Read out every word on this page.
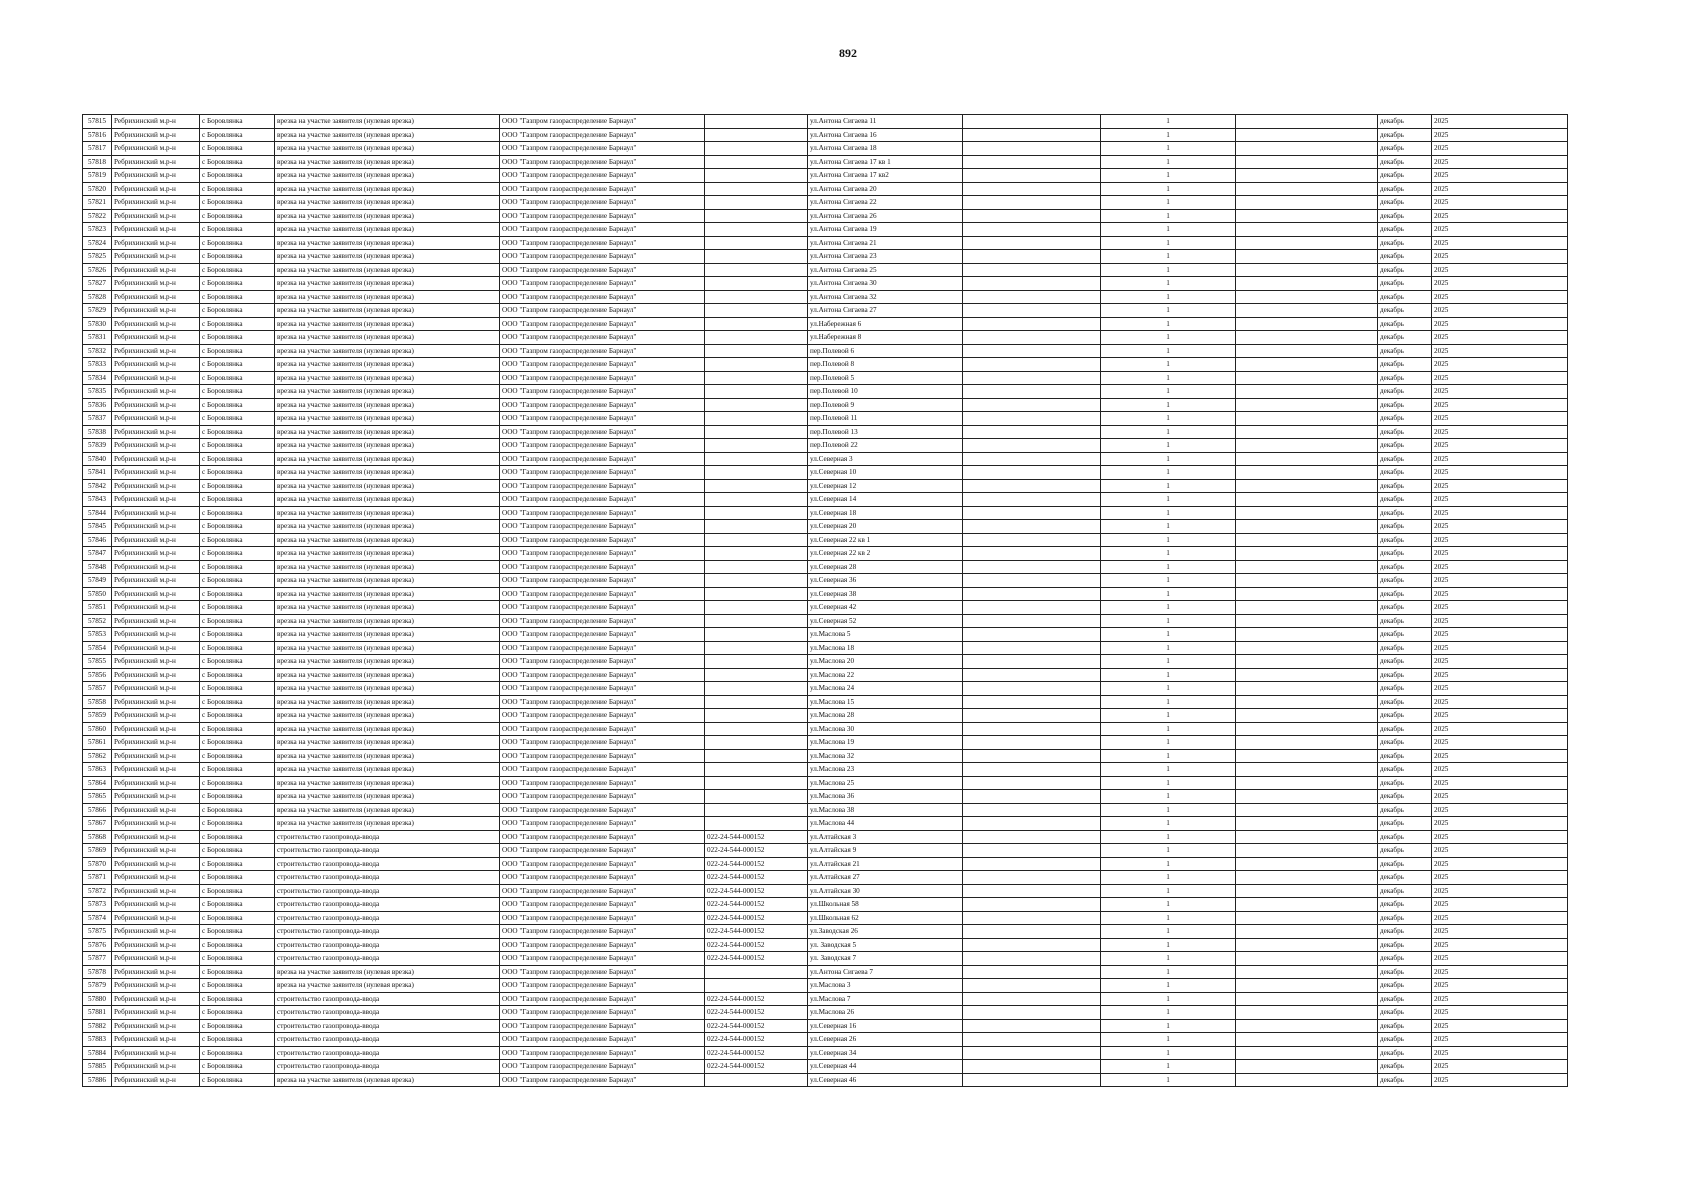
892
57815	Ребрихинский м.р-н	с Боровлянка	врезка на участке заявителя (нулевая врезка)	ООО "Газпром газораспределение Барнаул"		ул.Антона Сигаева 11		1		декабрь	2025
57816	Ребрихинский м.р-н	с Боровлянка	врезка на участке заявителя (нулевая врезка)	ООО "Газпром газораспределение Барнаул"		ул.Антона Сигаева 16		1		декабрь	2025
57817	Ребрихинский м.р-н	с Боровлянка	врезка на участке заявителя (нулевая врезка)	ООО "Газпром газораспределение Барнаул"		ул.Антона Сигаева 18		1		декабрь	2025
57818	Ребрихинский м.р-н	с Боровлянка	врезка на участке заявителя (нулевая врезка)	ООО "Газпром газораспределение Барнаул"		ул.Антона Сигаева 17 кв 1		1		декабрь	2025
57819	Ребрихинский м.р-н	с Боровлянка	врезка на участке заявителя (нулевая врезка)	ООО "Газпром газораспределение Барнаул"		ул.Антона Сигаева 17 кв2		1		декабрь	2025
57820	Ребрихинский м.р-н	с Боровлянка	врезка на участке заявителя (нулевая врезка)	ООО "Газпром газораспределение Барнаул"		ул.Антона Сигаева 20		1		декабрь	2025
57821	Ребрихинский м.р-н	с Боровлянка	врезка на участке заявителя (нулевая врезка)	ООО "Газпром газораспределение Барнаул"		ул.Антона Сигаева 22		1		декабрь	2025
57822	Ребрихинский м.р-н	с Боровлянка	врезка на участке заявителя (нулевая врезка)	ООО "Газпром газораспределение Барнаул"		ул.Антона Сигаева 26		1		декабрь	2025
57823	Ребрихинский м.р-н	с Боровлянка	врезка на участке заявителя (нулевая врезка)	ООО "Газпром газораспределение Барнаул"		ул.Антона Сигаева 19		1		декабрь	2025
57824	Ребрихинский м.р-н	с Боровлянка	врезка на участке заявителя (нулевая врезка)	ООО "Газпром газораспределение Барнаул"		ул.Антона Сигаева 21		1		декабрь	2025
57825	Ребрихинский м.р-н	с Боровлянка	врезка на участке заявителя (нулевая врезка)	ООО "Газпром газораспределение Барнаул"		ул.Антона Сигаева 23		1		декабрь	2025
57826	Ребрихинский м.р-н	с Боровлянка	врезка на участке заявителя (нулевая врезка)	ООО "Газпром газораспределение Барнаул"		ул.Антона Сигаева 25		1		декабрь	2025
57827	Ребрихинский м.р-н	с Боровлянка	врезка на участке заявителя (нулевая врезка)	ООО "Газпром газораспределение Барнаул"		ул.Антона Сигаева 30		1		декабрь	2025
57828	Ребрихинский м.р-н	с Боровлянка	врезка на участке заявителя (нулевая врезка)	ООО "Газпром газораспределение Барнаул"		ул.Антона Сигаева 32		1		декабрь	2025
57829	Ребрихинский м.р-н	с Боровлянка	врезка на участке заявителя (нулевая врезка)	ООО "Газпром газораспределение Барнаул"		ул.Антона Сигаева 27		1		декабрь	2025
57830	Ребрихинский м.р-н	с Боровлянка	врезка на участке заявителя (нулевая врезка)	ООО "Газпром газораспределение Барнаул"		ул.Набережная 6		1		декабрь	2025
57831	Ребрихинский м.р-н	с Боровлянка	врезка на участке заявителя (нулевая врезка)	ООО "Газпром газораспределение Барнаул"		ул.Набережная 8		1		декабрь	2025
57832	Ребрихинский м.р-н	с Боровлянка	врезка на участке заявителя (нулевая врезка)	ООО "Газпром газораспределение Барнаул"		пер.Полевой 6		1		декабрь	2025
57833	Ребрихинский м.р-н	с Боровлянка	врезка на участке заявителя (нулевая врезка)	ООО "Газпром газораспределение Барнаул"		пер.Полевой 8		1		декабрь	2025
57834	Ребрихинский м.р-н	с Боровлянка	врезка на участке заявителя (нулевая врезка)	ООО "Газпром газораспределение Барнаул"		пер.Полевой 5		1		декабрь	2025
57835	Ребрихинский м.р-н	с Боровлянка	врезка на участке заявителя (нулевая врезка)	ООО "Газпром газораспределение Барнаул"		пер.Полевой 10		1		декабрь	2025
57836	Ребрихинский м.р-н	с Боровлянка	врезка на участке заявителя (нулевая врезка)	ООО "Газпром газораспределение Барнаул"		пер.Полевой 9		1		декабрь	2025
57837	Ребрихинский м.р-н	с Боровлянка	врезка на участке заявителя (нулевая врезка)	ООО "Газпром газораспределение Барнаул"		пер.Полевой 11		1		декабрь	2025
57838	Ребрихинский м.р-н	с Боровлянка	врезка на участке заявителя (нулевая врезка)	ООО "Газпром газораспределение Барнаул"		пер.Полевой 13		1		декабрь	2025
57839	Ребрихинский м.р-н	с Боровлянка	врезка на участке заявителя (нулевая врезка)	ООО "Газпром газораспределение Барнаул"		пер.Полевой 22		1		декабрь	2025
57840	Ребрихинский м.р-н	с Боровлянка	врезка на участке заявителя (нулевая врезка)	ООО "Газпром газораспределение Барнаул"		ул.Северная 3		1		декабрь	2025
57841	Ребрихинский м.р-н	с Боровлянка	врезка на участке заявителя (нулевая врезка)	ООО "Газпром газораспределение Барнаул"		ул.Северная 10		1		декабрь	2025
57842	Ребрихинский м.р-н	с Боровлянка	врезка на участке заявителя (нулевая врезка)	ООО "Газпром газораспределение Барнаул"		ул.Северная 12		1		декабрь	2025
57843	Ребрихинский м.р-н	с Боровлянка	врезка на участке заявителя (нулевая врезка)	ООО "Газпром газораспределение Барнаул"		ул.Северная 14		1		декабрь	2025
57844	Ребрихинский м.р-н	с Боровлянка	врезка на участке заявителя (нулевая врезка)	ООО "Газпром газораспределение Барнаул"		ул.Северная 18		1		декабрь	2025
57845	Ребрихинский м.р-н	с Боровлянка	врезка на участке заявителя (нулевая врезка)	ООО "Газпром газораспределение Барнаул"		ул.Северная 20		1		декабрь	2025
57846	Ребрихинский м.р-н	с Боровлянка	врезка на участке заявителя (нулевая врезка)	ООО "Газпром газораспределение Барнаул"		ул.Северная 22 кв 1		1		декабрь	2025
57847	Ребрихинский м.р-н	с Боровлянка	врезка на участке заявителя (нулевая врезка)	ООО "Газпром газораспределение Барнаул"		ул.Северная 22 кв 2		1		декабрь	2025
57848	Ребрихинский м.р-н	с Боровлянка	врезка на участке заявителя (нулевая врезка)	ООО "Газпром газораспределение Барнаул"		ул.Северная 28		1		декабрь	2025
57849	Ребрихинский м.р-н	с Боровлянка	врезка на участке заявителя (нулевая врезка)	ООО "Газпром газораспределение Барнаул"		ул.Северная 36		1		декабрь	2025
57850	Ребрихинский м.р-н	с Боровлянка	врезка на участке заявителя (нулевая врезка)	ООО "Газпром газораспределение Барнаул"		ул.Северная 38		1		декабрь	2025
57851	Ребрихинский м.р-н	с Боровлянка	врезка на участке заявителя (нулевая врезка)	ООО "Газпром газораспределение Барнаул"		ул.Северная 42		1		декабрь	2025
57852	Ребрихинский м.р-н	с Боровлянка	врезка на участке заявителя (нулевая врезка)	ООО "Газпром газораспределение Барнаул"		ул.Северная 52		1		декабрь	2025
57853	Ребрихинский м.р-н	с Боровлянка	врезка на участке заявителя (нулевая врезка)	ООО "Газпром газораспределение Барнаул"		ул.Маслова 5		1		декабрь	2025
57854	Ребрихинский м.р-н	с Боровлянка	врезка на участке заявителя (нулевая врезка)	ООО "Газпром газораспределение Барнаул"		ул.Маслова 18		1		декабрь	2025
57855	Ребрихинский м.р-н	с Боровлянка	врезка на участке заявителя (нулевая врезка)	ООО "Газпром газораспределение Барнаул"		ул.Маслова 20		1		декабрь	2025
57856	Ребрихинский м.р-н	с Боровлянка	врезка на участке заявителя (нулевая врезка)	ООО "Газпром газораспределение Барнаул"		ул.Маслова 22		1		декабрь	2025
57857	Ребрихинский м.р-н	с Боровлянка	врезка на участке заявителя (нулевая врезка)	ООО "Газпром газораспределение Барнаул"		ул.Маслова 24		1		декабрь	2025
57858	Ребрихинский м.р-н	с Боровлянка	врезка на участке заявителя (нулевая врезка)	ООО "Газпром газораспределение Барнаул"		ул.Маслова 15		1		декабрь	2025
57859	Ребрихинский м.р-н	с Боровлянка	врезка на участке заявителя (нулевая врезка)	ООО "Газпром газораспределение Барнаул"		ул.Маслова 28		1		декабрь	2025
57860	Ребрихинский м.р-н	с Боровлянка	врезка на участке заявителя (нулевая врезка)	ООО "Газпром газораспределение Барнаул"		ул.Маслова 30		1		декабрь	2025
57861	Ребрихинский м.р-н	с Боровлянка	врезка на участке заявителя (нулевая врезка)	ООО "Газпром газораспределение Барнаул"		ул.Маслова 19		1		декабрь	2025
57862	Ребрихинский м.р-н	с Боровлянка	врезка на участке заявителя (нулевая врезка)	ООО "Газпром газораспределение Барнаул"		ул.Маслова 32		1		декабрь	2025
57863	Ребрихинский м.р-н	с Боровлянка	врезка на участке заявителя (нулевая врезка)	ООО "Газпром газораспределение Барнаул"		ул.Маслова 23		1		декабрь	2025
57864	Ребрихинский м.р-н	с Боровлянка	врезка на участке заявителя (нулевая врезка)	ООО "Газпром газораспределение Барнаул"		ул.Маслова 25		1		декабрь	2025
57865	Ребрихинский м.р-н	с Боровлянка	врезка на участке заявителя (нулевая врезка)	ООО "Газпром газораспределение Барнаул"		ул.Маслова 36		1		декабрь	2025
57866	Ребрихинский м.р-н	с Боровлянка	врезка на участке заявителя (нулевая врезка)	ООО "Газпром газораспределение Барнаул"		ул.Маслова 38		1		декабрь	2025
57867	Ребрихинский м.р-н	с Боровлянка	врезка на участке заявителя (нулевая врезка)	ООО "Газпром газораспределение Барнаул"		ул.Маслова 44		1		декабрь	2025
57868	Ребрихинский м.р-н	с Боровлянка	строительство газопровода-ввода	ООО "Газпром газораспределение Барнаул"	022-24-544-000152	ул.Алтайская 3		1		декабрь	2025
57869	Ребрихинский м.р-н	с Боровлянка	строительство газопровода-ввода	ООО "Газпром газораспределение Барнаул"	022-24-544-000152	ул.Алтайская 9		1		декабрь	2025
57870	Ребрихинский м.р-н	с Боровлянка	строительство газопровода-ввода	ООО "Газпром газораспределение Барнаул"	022-24-544-000152	ул.Алтайская 21		1		декабрь	2025
57871	Ребрихинский м.р-н	с Боровлянка	строительство газопровода-ввода	ООО "Газпром газораспределение Барнаул"	022-24-544-000152	ул.Алтайская 27		1		декабрь	2025
57872	Ребрихинский м.р-н	с Боровлянка	строительство газопровода-ввода	ООО "Газпром газораспределение Барнаул"	022-24-544-000152	ул.Алтайская 30		1		декабрь	2025
57873	Ребрихинский м.р-н	с Боровлянка	строительство газопровода-ввода	ООО "Газпром газораспределение Барнаул"	022-24-544-000152	ул.Школьная 58		1		декабрь	2025
57874	Ребрихинский м.р-н	с Боровлянка	строительство газопровода-ввода	ООО "Газпром газораспределение Барнаул"	022-24-544-000152	ул.Школьная 62		1		декабрь	2025
57875	Ребрихинский м.р-н	с Боровлянка	строительство газопровода-ввода	ООО "Газпром газораспределение Барнаул"	022-24-544-000152	ул.Заводская 26		1		декабрь	2025
57876	Ребрихинский м.р-н	с Боровлянка	строительство газопровода-ввода	ООО "Газпром газораспределение Барнаул"	022-24-544-000152	ул. Заводская 5		1		декабрь	2025
57877	Ребрихинский м.р-н	с Боровлянка	строительство газопровода-ввода	ООО "Газпром газораспределение Барнаул"	022-24-544-000152	ул. Заводская 7		1		декабрь	2025
57878	Ребрихинский м.р-н	с Боровлянка	врезка на участке заявителя (нулевая врезка)	ООО "Газпром газораспределение Барнаул"		ул.Антона Сигаева 7		1		декабрь	2025
57879	Ребрихинский м.р-н	с Боровлянка	врезка на участке заявителя (нулевая врезка)	ООО "Газпром газораспределение Барнаул"		ул.Маслова 3		1		декабрь	2025
57880	Ребрихинский м.р-н	с Боровлянка	строительство газопровода-ввода	ООО "Газпром газораспределение Барнаул"	022-24-544-000152	ул.Маслова 7		1		декабрь	2025
57881	Ребрихинский м.р-н	с Боровлянка	строительство газопровода-ввода	ООО "Газпром газораспределение Барнаул"	022-24-544-000152	ул.Маслова 26		1		декабрь	2025
57882	Ребрихинский м.р-н	с Боровлянка	строительство газопровода-ввода	ООО "Газпром газораспределение Барнаул"	022-24-544-000152	ул.Северная 16		1		декабрь	2025
57883	Ребрихинский м.р-н	с Боровлянка	строительство газопровода-ввода	ООО "Газпром газораспределение Барнаул"	022-24-544-000152	ул.Северная 26		1		декабрь	2025
57884	Ребрихинский м.р-н	с Боровлянка	строительство газопровода-ввода	ООО "Газпром газораспределение Барнаул"	022-24-544-000152	ул.Северная 34		1		декабрь	2025
57885	Ребрихинский м.р-н	с Боровлянка	строительство газопровода-ввода	ООО "Газпром газораспределение Барнаул"	022-24-544-000152	ул.Северная 44		1		декабрь	2025
57886	Ребрихинский м.р-н	с Боровлянка	врезка на участке заявителя (нулевая врезка)	ООО "Газпром газораспределение Барнаул"		ул.Северная 46		1		декабрь	2025
